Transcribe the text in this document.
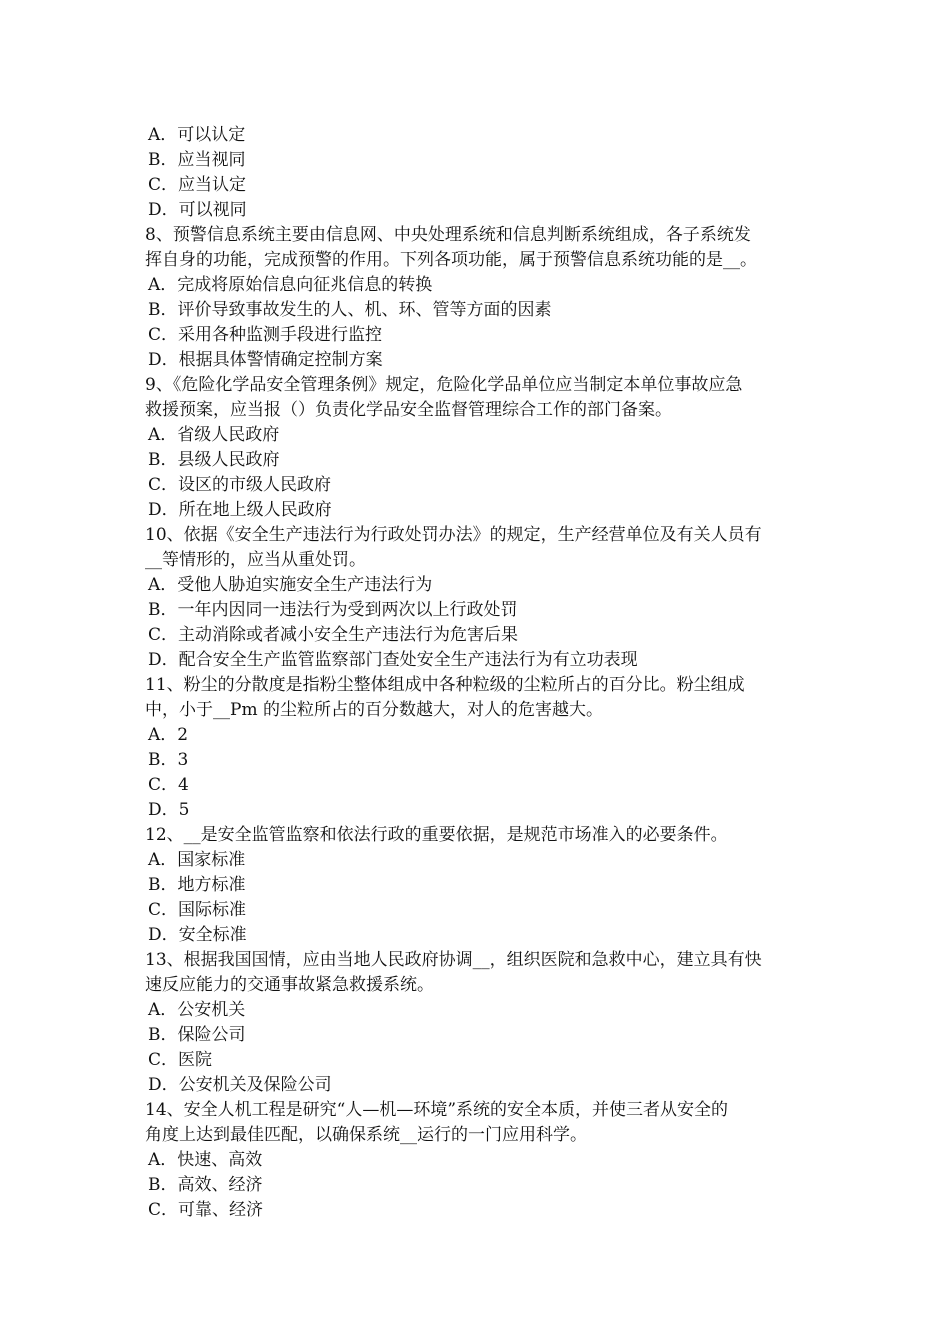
A．可以认定
B．应当视同
C．应当认定
D．可以视同
8、预警信息系统主要由信息网、中央处理系统和信息判断系统组成，各子系统发
挥自身的功能，完成预警的作用。下列各项功能，属于预警信息系统功能的是__。
A．完成将原始信息向征兆信息的转换
B．评价导致事故发生的人、机、环、管等方面的因素
C．采用各种监测手段进行监控
D．根据具体警情确定控制方案
9、《危险化学品安全管理条例》规定，危险化学品单位应当制定本单位事故应急
救援预案，应当报（）负责化学品安全监督管理综合工作的部门备案。
A．省级人民政府
B．县级人民政府
C．设区的市级人民政府
D．所在地上级人民政府
10、依据《安全生产违法行为行政处罚办法》的规定，生产经营单位及有关人员有
__等情形的，应当从重处罚。
A．受他人胁迫实施安全生产违法行为
B．一年内因同一违法行为受到两次以上行政处罚
C．主动消除或者减小安全生产违法行为危害后果
D．配合安全生产监管监察部门查处安全生产违法行为有立功表现
11、粉尘的分散度是指粉尘整体组成中各种粒级的尘粒所占的百分比。粉尘组成
中，小于__Pm 的尘粒所占的百分数越大，对人的危害越大。
A．2
B．3
C．4
D．5
12、__是安全监管监察和依法行政的重要依据，是规范市场准入的必要条件。
A．国家标准
B．地方标准
C．国际标准
D．安全标准
13、根据我国国情，应由当地人民政府协调__，组织医院和急救中心，建立具有快
速反应能力的交通事故紧急救援系统。
A．公安机关
B．保险公司
C．医院
D．公安机关及保险公司
14、安全人机工程是研究“人—机—环境”系统的安全本质，并使三者从安全的
角度上达到最佳匹配，以确保系统__运行的一门应用科学。
A．快速、高效
B．高效、经济
C．可靠、经济
